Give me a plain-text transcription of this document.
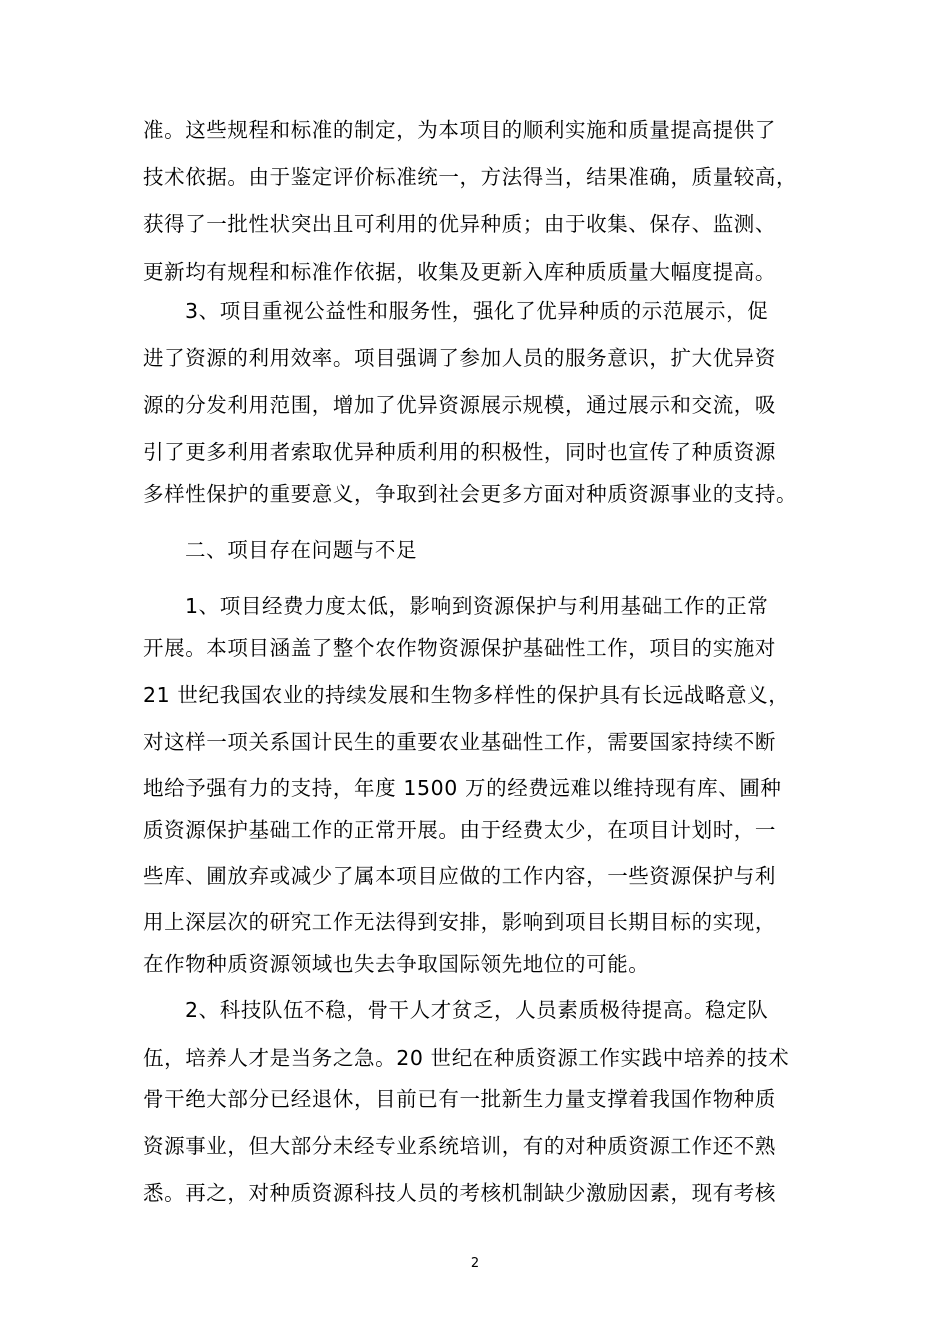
准。这些规程和标准的制定，为本项目的顺利实施和质量提高提供了
技术依据。由于鉴定评价标准统一，方法得当，结果准确，质量较高，
获得了一批性状突出且可利用的优异种质；由于收集、保存、监测、
更新均有规程和标准作依据，收集及更新入库种质质量大幅度提高。
3、项目重视公益性和服务性，强化了优异种质的示范展示，促
进了资源的利用效率。项目强调了参加人员的服务意识，扩大优异资
源的分发利用范围，增加了优异资源展示规模，通过展示和交流，吸
引了更多利用者索取优异种质利用的积极性，同时也宣传了种质资源
多样性保护的重要意义，争取到社会更多方面对种质资源事业的支持。
二、项目存在问题与不足
1、项目经费力度太低，影响到资源保护与利用基础工作的正常
开展。本项目涵盖了整个农作物资源保护基础性工作，项目的实施对
21 世纪我国农业的持续发展和生物多样性的保护具有长远战略意义，
对这样一项关系国计民生的重要农业基础性工作，需要国家持续不断
地给予强有力的支持，年度 1500 万的经费远难以维持现有库、圃种
质资源保护基础工作的正常开展。由于经费太少，在项目计划时，一
些库、圃放弃或减少了属本项目应做的工作内容，一些资源保护与利
用上深层次的研究工作无法得到安排，影响到项目长期目标的实现，
在作物种质资源领域也失去争取国际领先地位的可能。
2、科技队伍不稳，骨干人才贫乏，人员素质极待提高。稳定队
伍，培养人才是当务之急。20 世纪在种质资源工作实践中培养的技术
骨干绝大部分已经退休，目前已有一批新生力量支撑着我国作物种质
资源事业，但大部分未经专业系统培训，有的对种质资源工作还不熟
悉。再之，对种质资源科技人员的考核机制缺少激励因素，现有考核
2
